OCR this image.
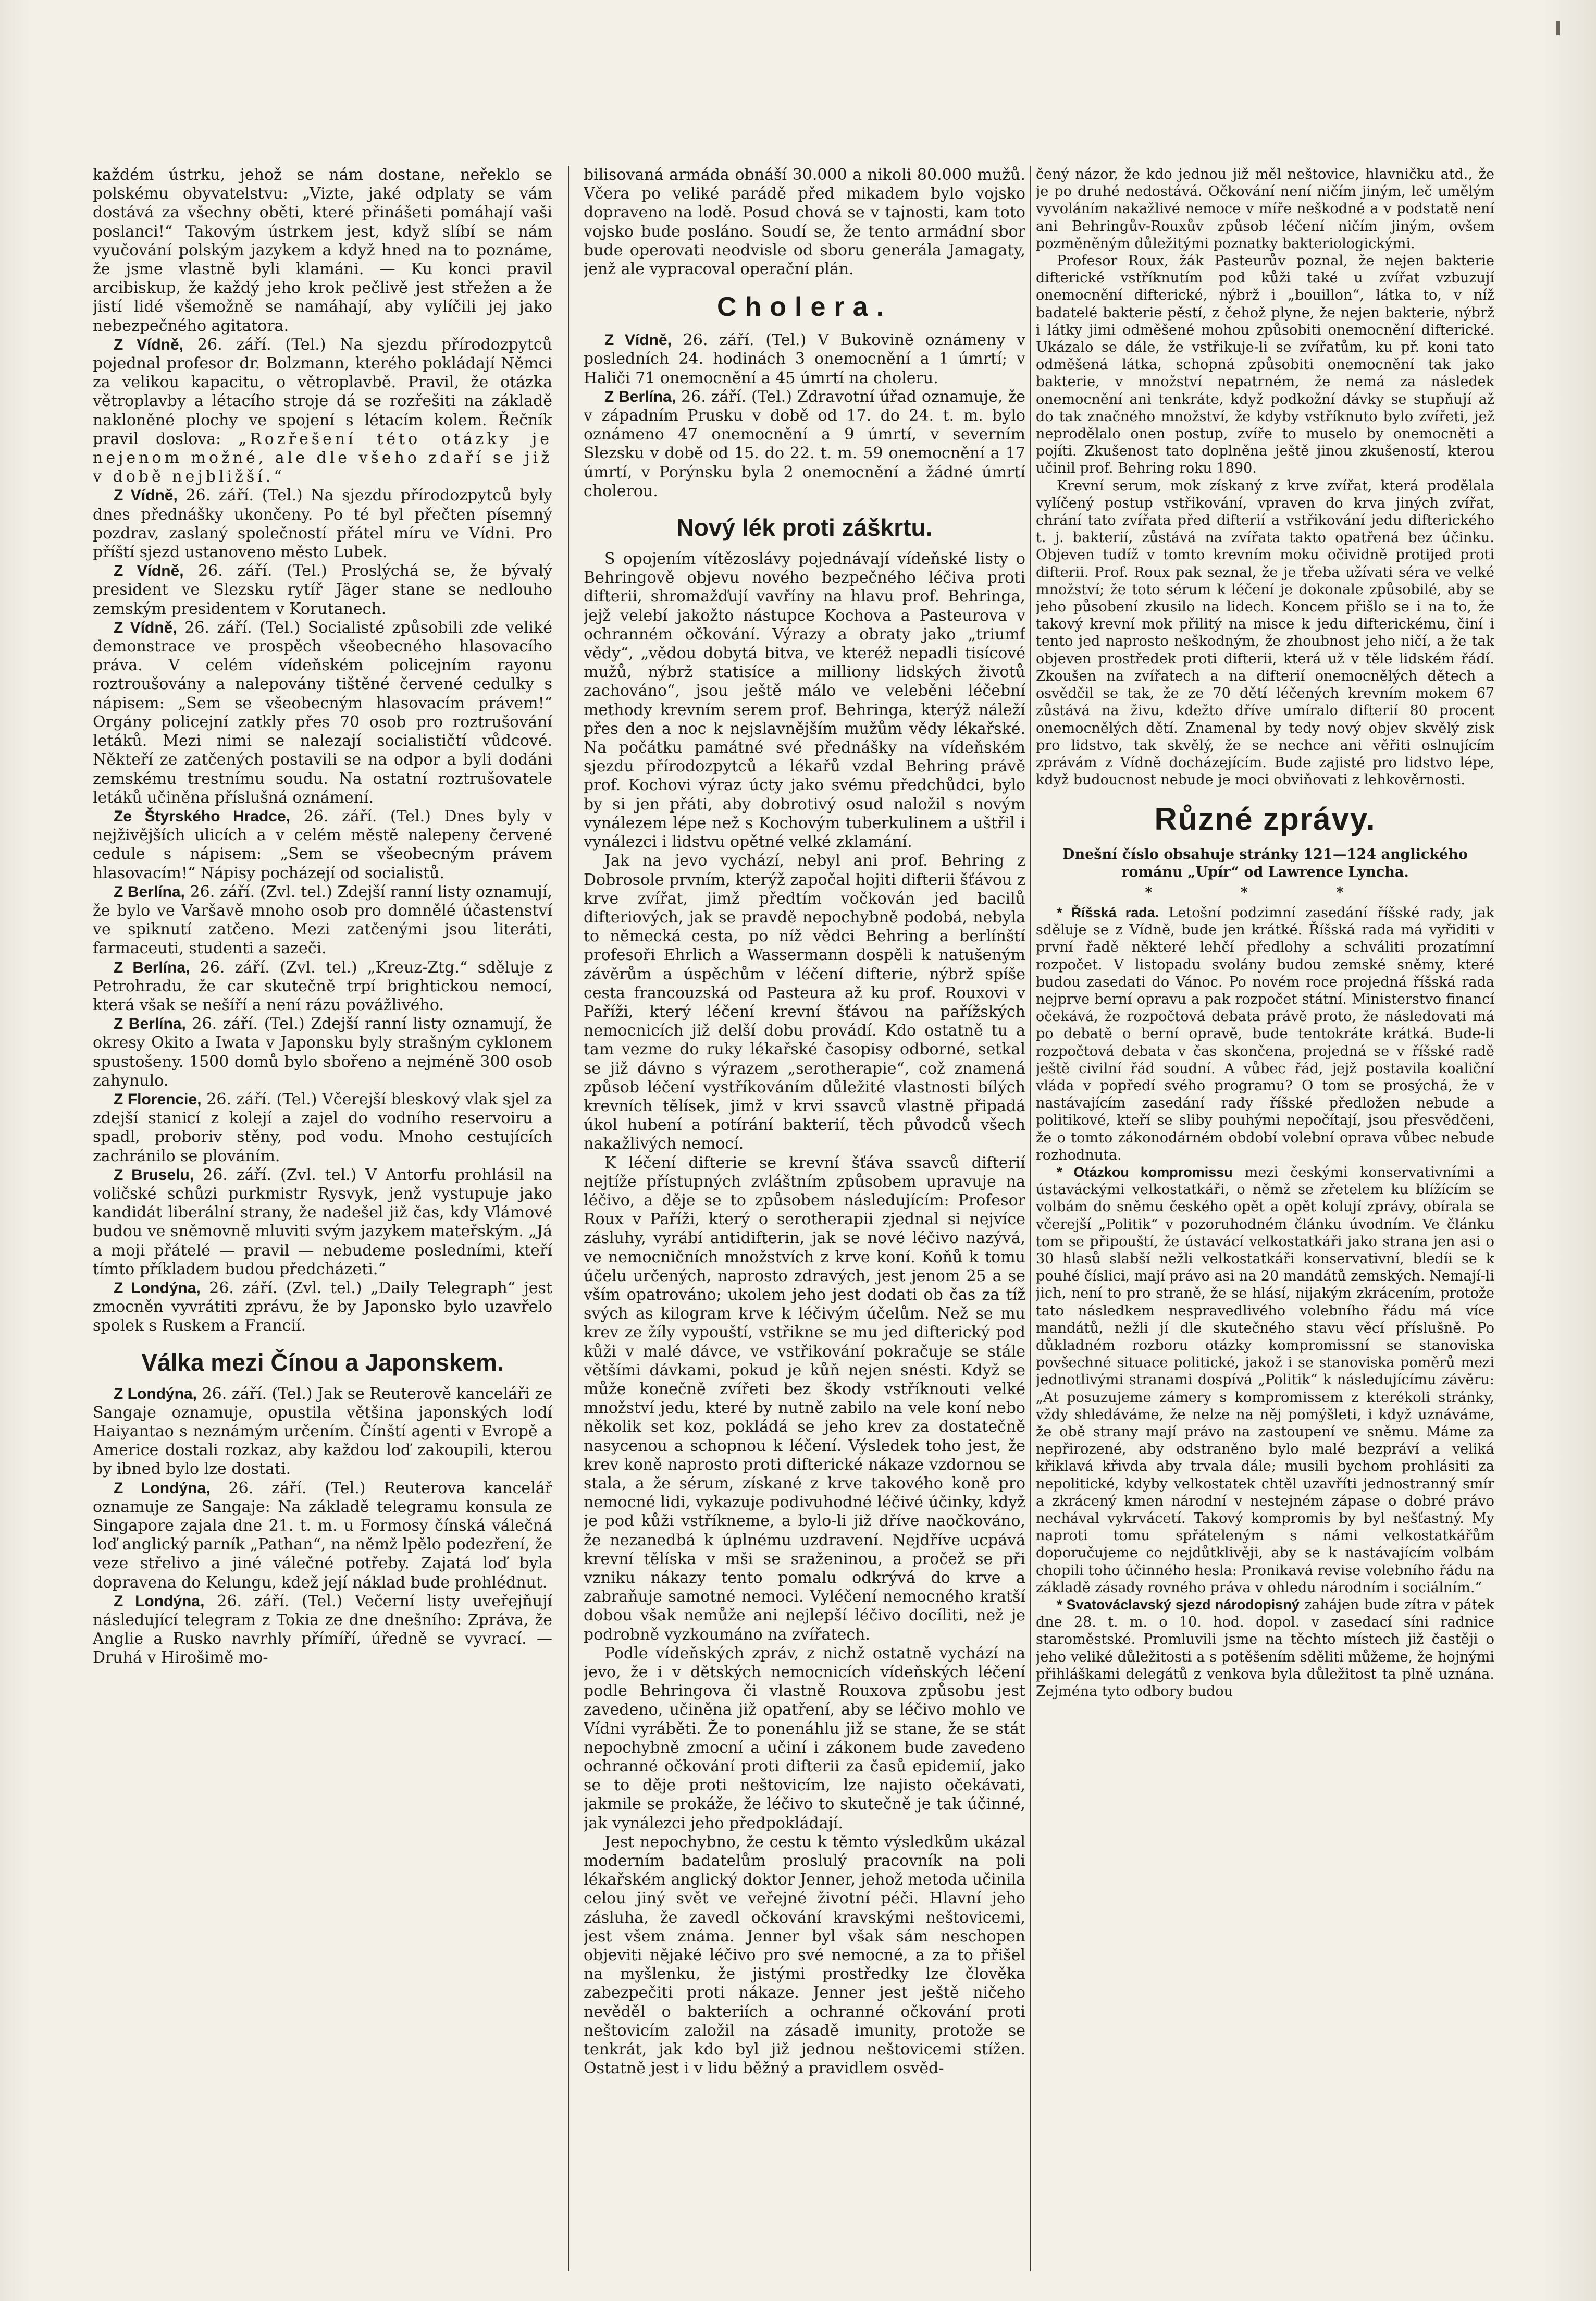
každém ústrku, jehož se nám dostane, neřeklo se polskému obyvatelstvu: „Vizte, jaké odplaty se vám dostává za všechny oběti, které přinášeti pomáhají vaši poslanci!“ Takovým ústrkem jest, když slíbí se nám vyučování polským jazykem a když hned na to poznáme, že jsme vlastně byli klamáni. — Ku konci pravil arcibiskup, že každý jeho krok pečlivě jest střežen a že jistí lidé všemožně se namáhají, aby vylíčili jej jako nebezpečného agitatora.

Z Vídně, 26. září. (Tel.) Na sjezdu přírodozpytců pojednal profesor dr. Bolzmann, kterého pokládají Němci za velikou kapacitu, o větroplavbě. Pravil, že otázka větroplavby a létacího stroje dá se rozřešiti na základě nakloněné plochy ve spojení s létacím kolem. Řečník pravil doslova: „Rozřešení této otázky je nejenom možné, ale dle všeho zdaří se již v době nejbližší.“

Z Vídně, 26. září. (Tel.) Na sjezdu přírodozpytců byly dnes přednášky ukončeny. Po té byl přečten písemný pozdrav, zaslaný společností přátel míru ve Vídni. Pro příští sjezd ustanoveno město Lubek.

Z Vídně, 26. září. (Tel.) Proslýchá se, že bývalý president ve Slezsku rytíř Jäger stane se nedlouho zemským presidentem v Korutanech.

Z Vídně, 26. září. (Tel.) Socialisté způsobili zde veliké demonstrace ve prospěch všeobecného hlasovacího práva. V celém vídeňském policejním rayonu roztroušovány a nalepovány tištěné červené cedulky s nápisem: „Sem se všeobecným hlasovacím právem!“ Orgány policejní zatkly přes 70 osob pro roztrušování letáků. Mezi nimi se nalezají socialističtí vůdcové. Někteří ze zatčených postavili se na odpor a byli dodáni zemskému trestnímu soudu. Na ostatní roztrušovatele letáků učiněna příslušná oznámení.

Ze Štyrského Hradce, 26. září. (Tel.) Dnes byly v nejživějších ulicích a v celém městě nalepeny červené cedule s nápisem: „Sem se všeobecným právem hlasovacím!“ Nápisy pocházejí od socialistů.

Z Berlína, 26. září. (Zvl. tel.) Zdejší ranní listy oznamují, že bylo ve Varšavě mnoho osob pro domnělé účastenství ve spiknutí zatčeno. Mezi zatčenými jsou literáti, farmaceuti, studenti a sazeči.

Z Berlína, 26. září. (Zvl. tel.) „Kreuz-Ztg.“ sděluje z Petrohradu, že car skutečně trpí brightickou nemocí, která však se nešíří a není rázu povážlivého.

Z Berlína, 26. září. (Tel.) Zdejší ranní listy oznamují, že okresy Okito a Iwata v Japonsku byly strašným cyklonem spustošeny. 1500 domů bylo sbořeno a nejméně 300 osob zahynulo.

Z Florencie, 26. září. (Tel.) Včerejší bleskový vlak sjel za zdejší stanicí z kolejí a zajel do vodního reservoiru a spadl, proboriv stěny, pod vodu. Mnoho cestujících zachránilo se plováním.

Z Bruselu, 26. září. (Zvl. tel.) V Antorfu prohlásil na voličské schůzi purkmistr Rysvyk, jenž vystupuje jako kandidát liberální strany, že nadešel již čas, kdy Vlámové budou ve sněmovně mluviti svým jazykem mateřským. „Já a moji přátelé — pravil — nebudeme posledními, kteří tímto příkladem budou předcházeti.“

Z Londýna, 26. září. (Zvl. tel.) „Daily Telegraph“ jest zmocněn vyvrátiti zprávu, že by Japonsko bylo uzavřelo spolek s Ruskem a Francií.

Válka mezi Čínou a Japonskem.

Z Londýna, 26. září. (Tel.) Jak se Reuterově kanceláři ze Sangaje oznamuje, opustila většina japonských lodí Haiyantao s neznámým určením. Čínští agenti v Evropě a Americe dostali rozkaz, aby každou loď zakoupili, kterou by ibned bylo lze dostati.

Z Londýna, 26. září. (Tel.) Reuterova kancelář oznamuje ze Sangaje: Na základě telegramu konsula ze Singapore zajala dne 21. t. m. u Formosy čínská válečná loď anglický parník „Pathan“, na němž lpělo podezření, že veze střelivo a jiné válečné potřeby. Zajatá loď byla dopravena do Kelungu, kdež její náklad bude prohlédnut.

Z Londýna, 26. září. (Tel.) Večerní listy uveřejňují následující telegram z Tokia ze dne dnešního: Zpráva, že Anglie a Rusko navrhly přímíří, úředně se vyvrací. — Druhá v Hirošimě mo-

bilisovaná armáda obnáší 30.000 a nikoli 80.000 mužů. Včera po veliké parádě před mikadem bylo vojsko dopraveno na lodě. Posud chová se v tajnosti, kam toto vojsko bude posláno. Soudí se, že tento armádní sbor bude operovati neodvisle od sboru generála Jamagaty, jenž ale vypracoval operační plán.

Cholera.

Z Vídně, 26. září. (Tel.) V Bukovině oznámeny v posledních 24. hodinách 3 onemocnění a 1 úmrtí; v Haliči 71 onemocnění a 45 úmrtí na choleru.

Z Berlína, 26. září. (Tel.) Zdravotní úřad oznamuje, že v západním Prusku v době od 17. do 24. t. m. bylo oznámeno 47 onemocnění a 9 úmrtí, v severním Slezsku v době od 15. do 22. t. m. 59 onemocnění a 17 úmrtí, v Porýnsku byla 2 onemocnění a žádné úmrtí cholerou.

Nový lék proti záškrtu.

S opojením vítězoslávy pojednávají vídeňské listy o Behringově objevu nového bezpečného léčiva proti difterii, shromažďují vavříny na hlavu prof. Behringa, jejž velebí jakožto nástupce Kochova a Pasteurova v ochranném očkování. Výrazy a obraty jako „triumf vědy“, „vědou dobytá bitva, ve kteréž nepadli tisícové mužů, nýbrž statisíce a milliony lidských životů zachováno“, jsou ještě málo ve veleběni léčební methody krevním serem prof. Behringa, kterýž náleží přes den a noc k nejslavnějším mužům vědy lékařské. Na počátku památné své přednášky na vídeňském sjezdu přírodozpytců a lékařů vzdal Behring právě prof. Kochovi výraz úcty jako svému předchůdci, bylo by si jen přáti, aby dobrotivý osud naložil s novým vynálezem lépe než s Kochovým tuberkulinem a uštřil i vynálezci i lidstvu opětné velké zklamání.

Jak na jevo vychází, nebyl ani prof. Behring z Dobrosole prvním, kterýž započal hojiti difterii šťávou z krve zvířat, jimž předtím vočkován jed bacilů difteriových, jak se pravdě nepochybně podobá, nebyla to německá cesta, po níž vědci Behring a berlínští profesoři Ehrlich a Wassermann dospěli k natušeným závěrům a úspěchům v léčení difterie, nýbrž spíše cesta francouzská od Pasteura až ku prof. Rouxovi v Paříži, který léčení krevní šťávou na pařížských nemocnicích již delší dobu provádí. Kdo ostatně tu a tam vezme do ruky lékařské časopisy odborné, setkal se již dávno s výrazem „serotherapie“, což znamená způsob léčení vystříkováním důležité vlastnosti bílých krevních tělísek, jimž v krvi ssavců vlastně připadá úkol hubení a potírání bakterií, těch původců všech nakažlivých nemocí.

K léčení difterie se krevní šťáva ssavců difterií nejtíže přístupných zvláštním způsobem upravuje na léčivo, a děje se to způsobem následujícím: Profesor Roux v Paříži, který o serotherapii zjednal si nejvíce zásluhy, vyrábí antidifterin, jak se nové léčivo nazývá, ve nemocničních množstvích z krve koní. Koňů k tomu účelu určených, naprosto zdravých, jest jenom 25 a se vším opatrováno; ukolem jeho jest dodati ob čas za tíž svých as kilogram krve k léčivým účelům. Než se mu krev ze žíly vypouští, vstřikne se mu jed difterický pod kůži v malé dávce, ve vstřikování pokračuje se stále většími dávkami, pokud je kůň nejen snésti. Když se může konečně zvířeti bez škody vstříknouti velké množství jedu, které by nutně zabilo na vele koní nebo několik set koz, pokládá se jeho krev za dostatečně nasycenou a schopnou k léčení. Výsledek toho jest, že krev koně naprosto proti difterické nákaze vzdornou se stala, a že sérum, získané z krve takového koně pro nemocné lidi, vykazuje podivuhodné léčivé účinky, když je pod kůži vstříkneme, a bylo-li již dříve naočkováno, že nezanedbá k úplnému uzdravení. Nejdříve ucpává krevní tělíska v mši se sraženinou, a pročež se při vzniku nákazy tento pomalu odkrývá do krve a zabraňuje samotné nemoci. Vyléčení nemocného kratší dobou však nemůže ani nejlepší léčivo docíliti, než je podrobně vyzkoumáno na zvířatech.

Podle vídeňských zpráv, z nichž ostatně vychází na jevo, že i v dětských nemocnicích vídeňských léčení podle Behringova či vlastně Rouxova způsobu jest zavedeno, učiněna již opatření, aby se léčivo mohlo ve Vídni vyráběti. Že to ponenáhlu již se stane, že se stát nepochybně zmocní a učiní i zákonem bude zavedeno ochranné očkování proti difterii za časů epidemií, jako se to děje proti neštovicím, lze najisto očekávati, jakmile se prokáže, že léčivo to skutečně je tak účinné, jak vynálezci jeho předpokládají.

Jest nepochybno, že cestu k těmto výsledkům ukázal moderním badatelům proslulý pracovník na poli lékařském anglický doktor Jenner, jehož metoda učinila celou jiný svět ve veřejné životní péči. Hlavní jeho zásluha, že zavedl očkování kravskými neštovicemi, jest všem známa. Jenner byl však sám neschopen objeviti nějaké léčivo pro své nemocné, a za to přišel na myšlenku, že jistými prostředky lze člověka zabezpečiti proti nákaze. Jenner jest ještě ničeho nevěděl o bakteriích a ochranné očkování proti neštovicím založil na zásadě imunity, protože se tenkrát, jak kdo byl již jednou neštovicemi stížen. Ostatně jest i v lidu běžný a pravidlem osvěd-

čený názor, že kdo jednou již měl neštovice, hlavničku atd., že je po druhé nedostává. Očkování není ničím jiným, leč umělým vyvoláním nakažlivé nemoce v míře neškodné a v podstatě není ani Behringův-Rouxův způsob léčení ničím jiným, ovšem pozměněným důležitými poznatky bakteriologickými.

Profesor Roux, žák Pasteurův poznal, že nejen bakterie difterické vstříknutím pod kůži také u zvířat vzbuzují onemocnění difterické, nýbrž i „bouillon“, látka to, v níž badatelé bakterie pěstí, z čehož plyne, že nejen bakterie, nýbrž i látky jimi odměšené mohou způsobiti onemocnění difterické. Ukázalo se dále, že vstřikuje-li se zvířatům, ku př. koni tato odměšená látka, schopná způsobiti onemocnění tak jako bakterie, v množství nepatrném, že nemá za následek onemocnění ani tenkráte, když podkožní dávky se stupňují až do tak značného množství, že kdyby vstříknuto bylo zvířeti, jež neprodělalo onen postup, zvíře to muselo by onemocněti a pojíti. Zkušenost tato doplněna ještě jinou zkušeností, kterou učinil prof. Behring roku 1890.

Krevní serum, mok získaný z krve zvířat, která prodělala vylíčený postup vstřikování, vpraven do krva jiných zvířat, chrání tato zvířata před difterií a vstřikování jedu difterického t. j. bakterií, zůstává na zvířata takto opatřená bez účinku. Objeven tudíž v tomto krevním moku očividně protijed proti difterii. Prof. Roux pak seznal, že je třeba užívati séra ve velké množství; že toto sérum k léčení je dokonale způsobilé, aby se jeho působení zkusilo na lidech. Koncem přišlo se i na to, že takový krevní mok přilitý na misce k jedu difterickému, činí i tento jed naprosto neškodným, že zhoubnost jeho ničí, a že tak objeven prostředek proti difterii, která už v těle lidském řádí. Zkoušen na zvířatech a na difterií onemocnělých dětech a osvědčil se tak, že ze 70 dětí léčených krevním mokem 67 zůstává na živu, kdežto dříve umíralo difterií 80 procent onemocnělých dětí. Znamenal by tedy nový objev skvělý zisk pro lidstvo, tak skvělý, že se nechce ani věřiti oslnujícím zprávám z Vídně docházejícím. Bude zajisté pro lidstvo lépe, když budoucnost nebude je moci obviňovati z lehkověrnosti.

Různé zprávy.

Dnešní číslo obsahuje stránky 121—124 anglického románu „Upír“ od Lawrence Lyncha.

* * *

* Říšská rada. Letošní podzimní zasedání říšské rady, jak sděluje se z Vídně, bude jen krátké. Říšská rada má vyřiditi v první řadě některé lehčí předlohy a schváliti prozatímní rozpočet. V listopadu svolány budou zemské sněmy, které budou zasedati do Vánoc. Po novém roce projedná říšská rada nejprve berní opravu a pak rozpočet státní. Ministerstvo financí očekává, že rozpočtová debata právě proto, že následovati má po debatě o berní opravě, bude tentokráte krátká. Bude-li rozpočtová debata v čas skončena, projedná se v říšské radě ještě civilní řád soudní. A vůbec řád, jejž postavila koaliční vláda v popředí svého programu? O tom se prosýchá, že v nastávajícím zasedání rady říšské předložen nebude a politikové, kteří se sliby pouhými nepočítají, jsou přesvědčeni, že o tomto zákonodárném období volební oprava vůbec nebude rozhodnuta.

* Otázkou kompromissu mezi českými konservativními a ústaváckými velkostatkáři, o němž se zřetelem ku blížícím se volbám do sněmu českého opět a opět kolují zprávy, obírala se včerejší „Politik“ v pozoruhodném článku úvodním. Ve článku tom se připouští, že ústavácí velkostatkáři jako strana jen asi o 30 hlasů slabší nežli velkostatkáři konservativní, bledíi se k pouhé číslici, mají právo asi na 20 mandátů zemských. Nemají-li jich, není to pro straně, že se hlásí, nijakým zkrácením, protože tato následkem nespravedlivého volebního řádu má více mandátů, nežli jí dle skutečného stavu věcí příslušně. Po důkladném rozboru otázky kompromissní se stanoviska povšechné situace politické, jakož i se stanoviska poměrů mezi jednotlivými stranami dospívá „Politik“ k následujícímu závěru: „At posuzujeme zámery s kompromissem z kterékoli stránky, vždy shledáváme, že nelze na něj pomýšleti, i když uznáváme, že obě strany mají právo na zastoupení ve sněmu. Máme za nepřirozené, aby odstraněno bylo malé bezpráví a veliká křiklavá křivda aby trvala dále; musili bychom prohlásiti za nepolitické, kdyby velkostatek chtěl uzavříti jednostranný smír a zkrácený kmen národní v nestejném zápase o dobré právo nechával vykrvácetí. Takový kompromis by byl nešťastný. My naproti tomu spřáteleným s námi velkostatkářům doporučujeme co nejdůtklivěji, aby se k nastávajícím volbám chopili toho účinného hesla: Pronikavá revise volebního řádu na základě zásady rovného práva v ohledu národním i sociálním.“

* Svatováclavský sjezd národopisný zahájen bude zítra v pátek dne 28. t. m. o 10. hod. dopol. v zasedací síni radnice staroměstské. Promluvili jsme na těchto místech již častěji o jeho veliké důležitosti a s potěšením sděliti můžeme, že hojnými přihláškami delegátů z venkova byla důležitost ta plně uznána. Zejména tyto odbory budou
